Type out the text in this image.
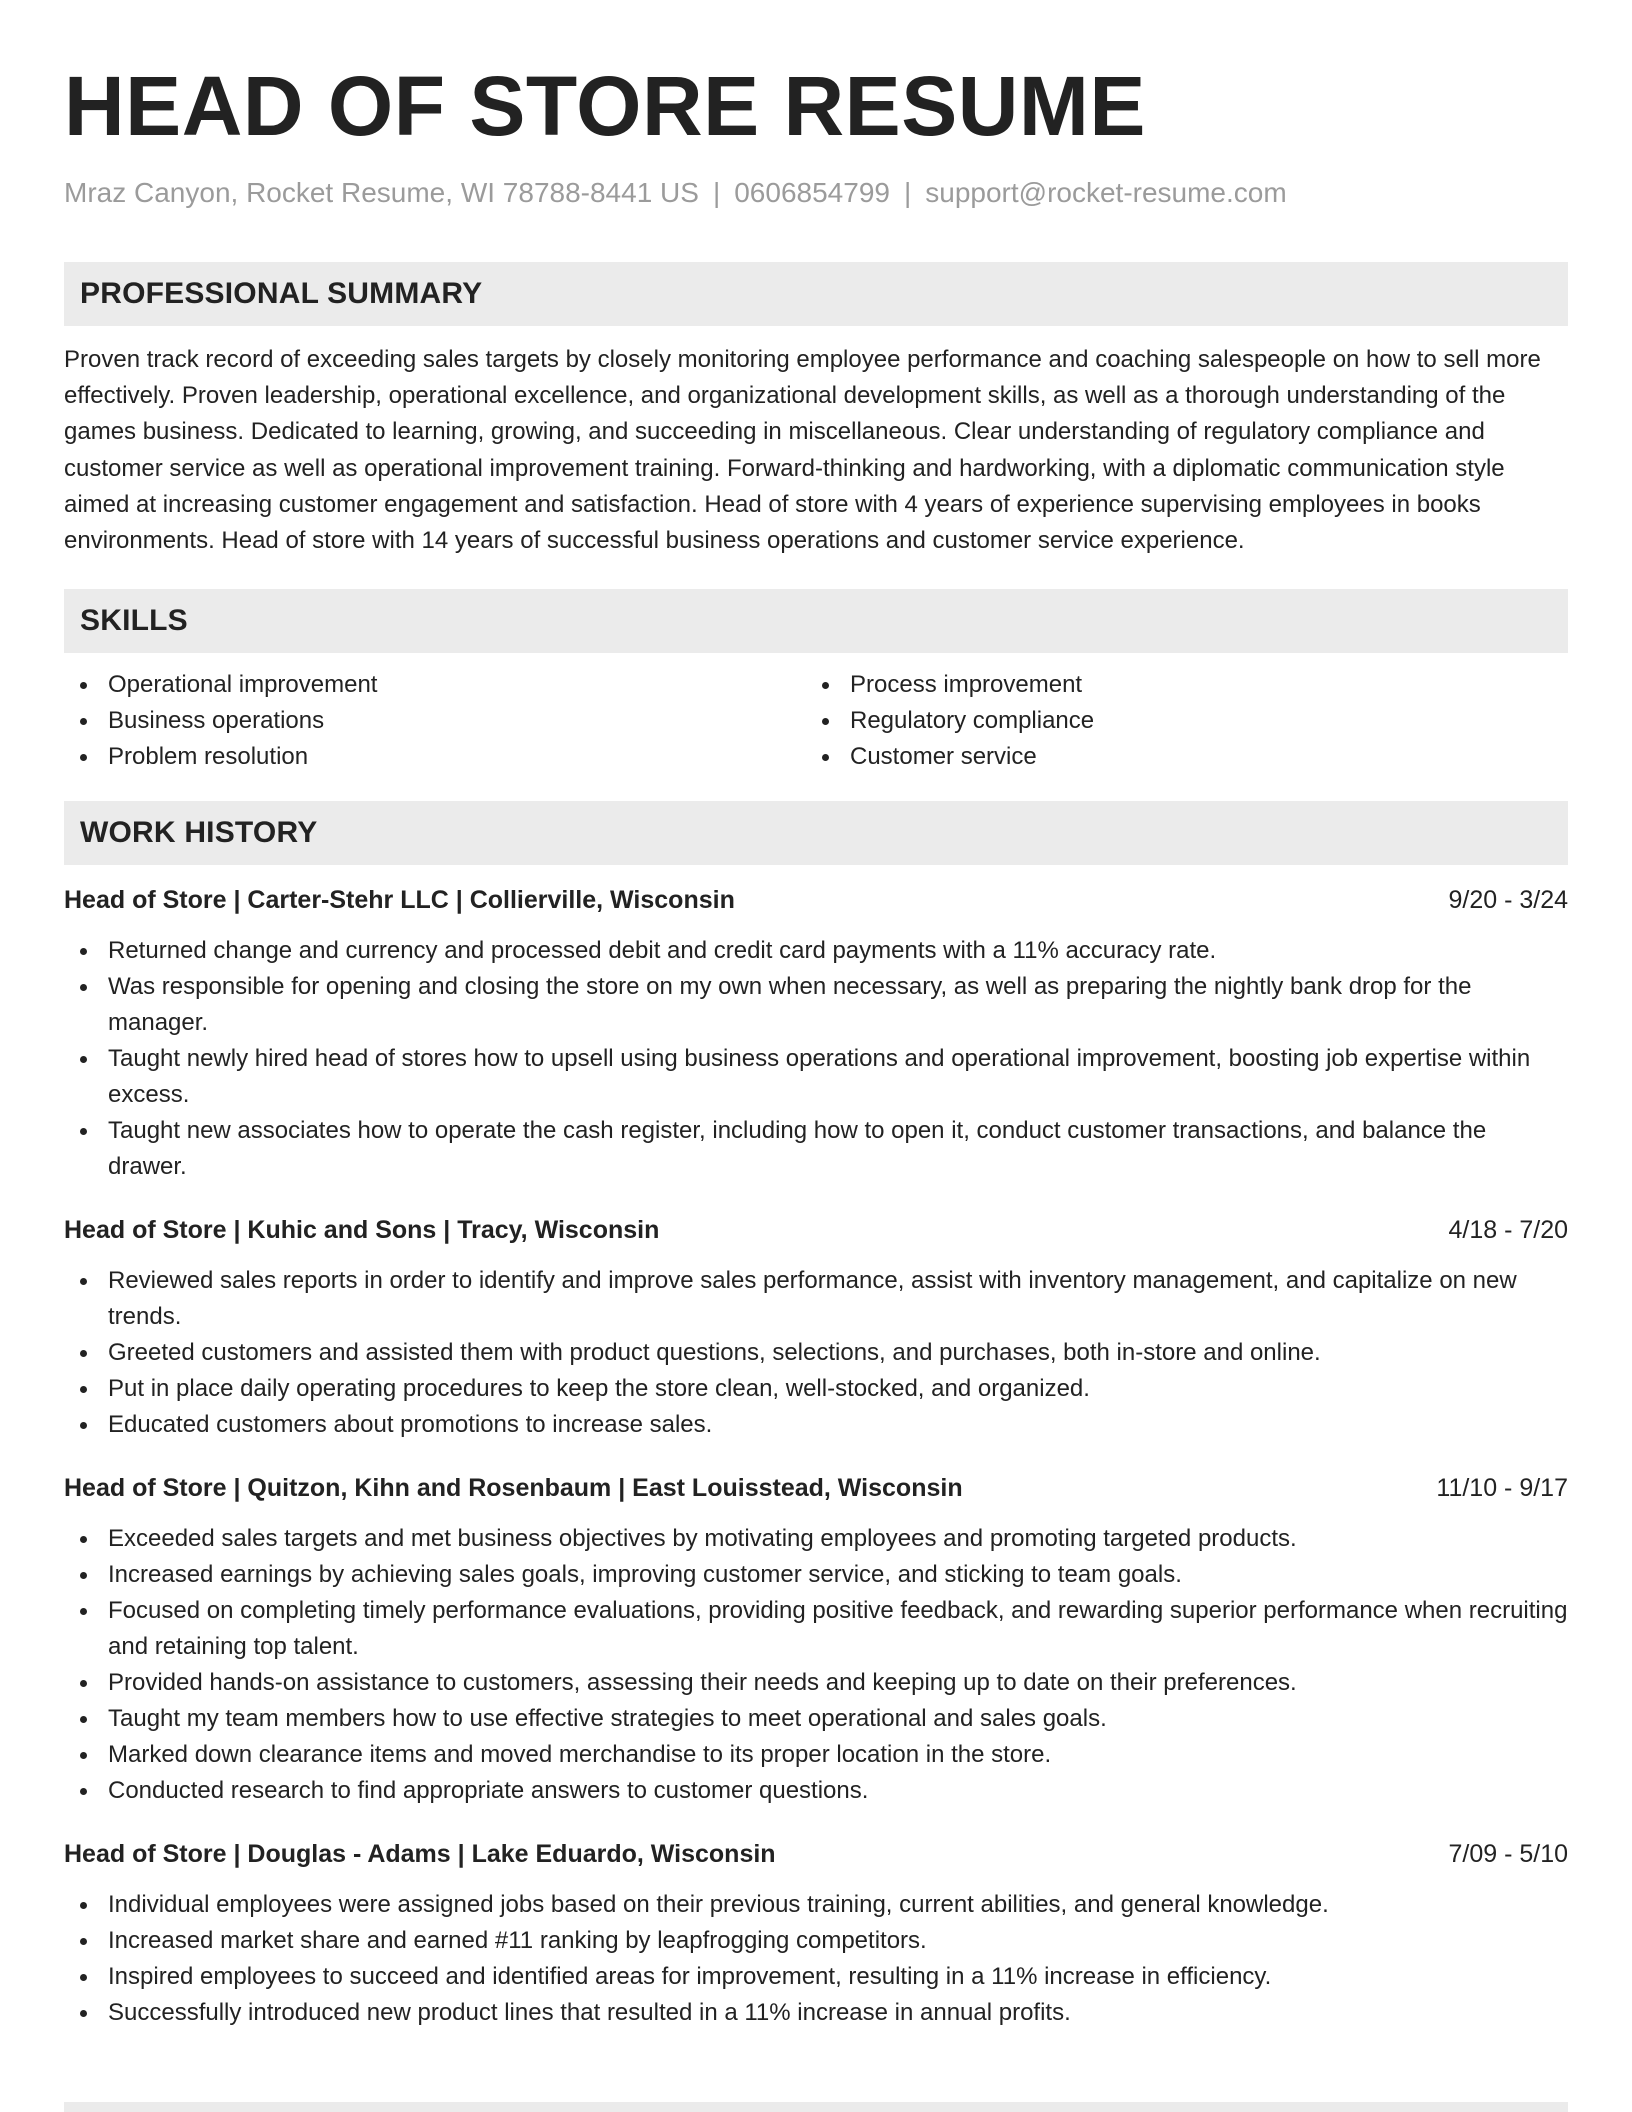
HEAD OF STORE RESUME
Mraz Canyon, Rocket Resume, WI 78788-8441 US | 0606854799 | support@rocket-resume.com
PROFESSIONAL SUMMARY

Proven track record of exceeding sales targets by closely monitoring employee performance and coaching salespeople on how to sell more effectively. Proven leadership, operational excellence, and organizational development skills, as well as a thorough understanding of the games business. Dedicated to learning, growing, and succeeding in miscellaneous. Clear understanding of regulatory compliance and customer service as well as operational improvement training. Forward-thinking and hardworking, with a diplomatic communication style aimed at increasing customer engagement and satisfaction. Head of store with 4 years of experience supervising employees in books environments. Head of store with 14 years of successful business operations and customer service experience.

SKILLS
Operational improvement
Business operations
Problem resolution
Process improvement
Regulatory compliance
Customer service
WORK HISTORY
Head of Store | Carter-Stehr LLC | Collierville, Wisconsin	9/20 - 3/24
Returned change and currency and processed debit and credit card payments with a 11% accuracy rate.
Was responsible for opening and closing the store on my own when necessary, as well as preparing the nightly bank drop for the manager.
Taught newly hired head of stores how to upsell using business operations and operational improvement, boosting job expertise within excess.
Taught new associates how to operate the cash register, including how to open it, conduct customer transactions, and balance the drawer.
Head of Store | Kuhic and Sons | Tracy, Wisconsin	4/18 - 7/20
Reviewed sales reports in order to identify and improve sales performance, assist with inventory management, and capitalize on new trends.
Greeted customers and assisted them with product questions, selections, and purchases, both in-store and online.
Put in place daily operating procedures to keep the store clean, well-stocked, and organized.
Educated customers about promotions to increase sales.
Head of Store | Quitzon, Kihn and Rosenbaum | East Louisstead, Wisconsin	11/10 - 9/17
Exceeded sales targets and met business objectives by motivating employees and promoting targeted products.
Increased earnings by achieving sales goals, improving customer service, and sticking to team goals.
Focused on completing timely performance evaluations, providing positive feedback, and rewarding superior performance when recruiting and retaining top talent.
Provided hands-on assistance to customers, assessing their needs and keeping up to date on their preferences.
Taught my team members how to use effective strategies to meet operational and sales goals.
Marked down clearance items and moved merchandise to its proper location in the store.
Conducted research to find appropriate answers to customer questions.
Head of Store | Douglas - Adams | Lake Eduardo, Wisconsin	7/09 - 5/10
Individual employees were assigned jobs based on their previous training, current abilities, and general knowledge.
Increased market share and earned #11 ranking by leapfrogging competitors.
Inspired employees to succeed and identified areas for improvement, resulting in a 11% increase in efficiency.
Successfully introduced new product lines that resulted in a 11% increase in annual profits.
